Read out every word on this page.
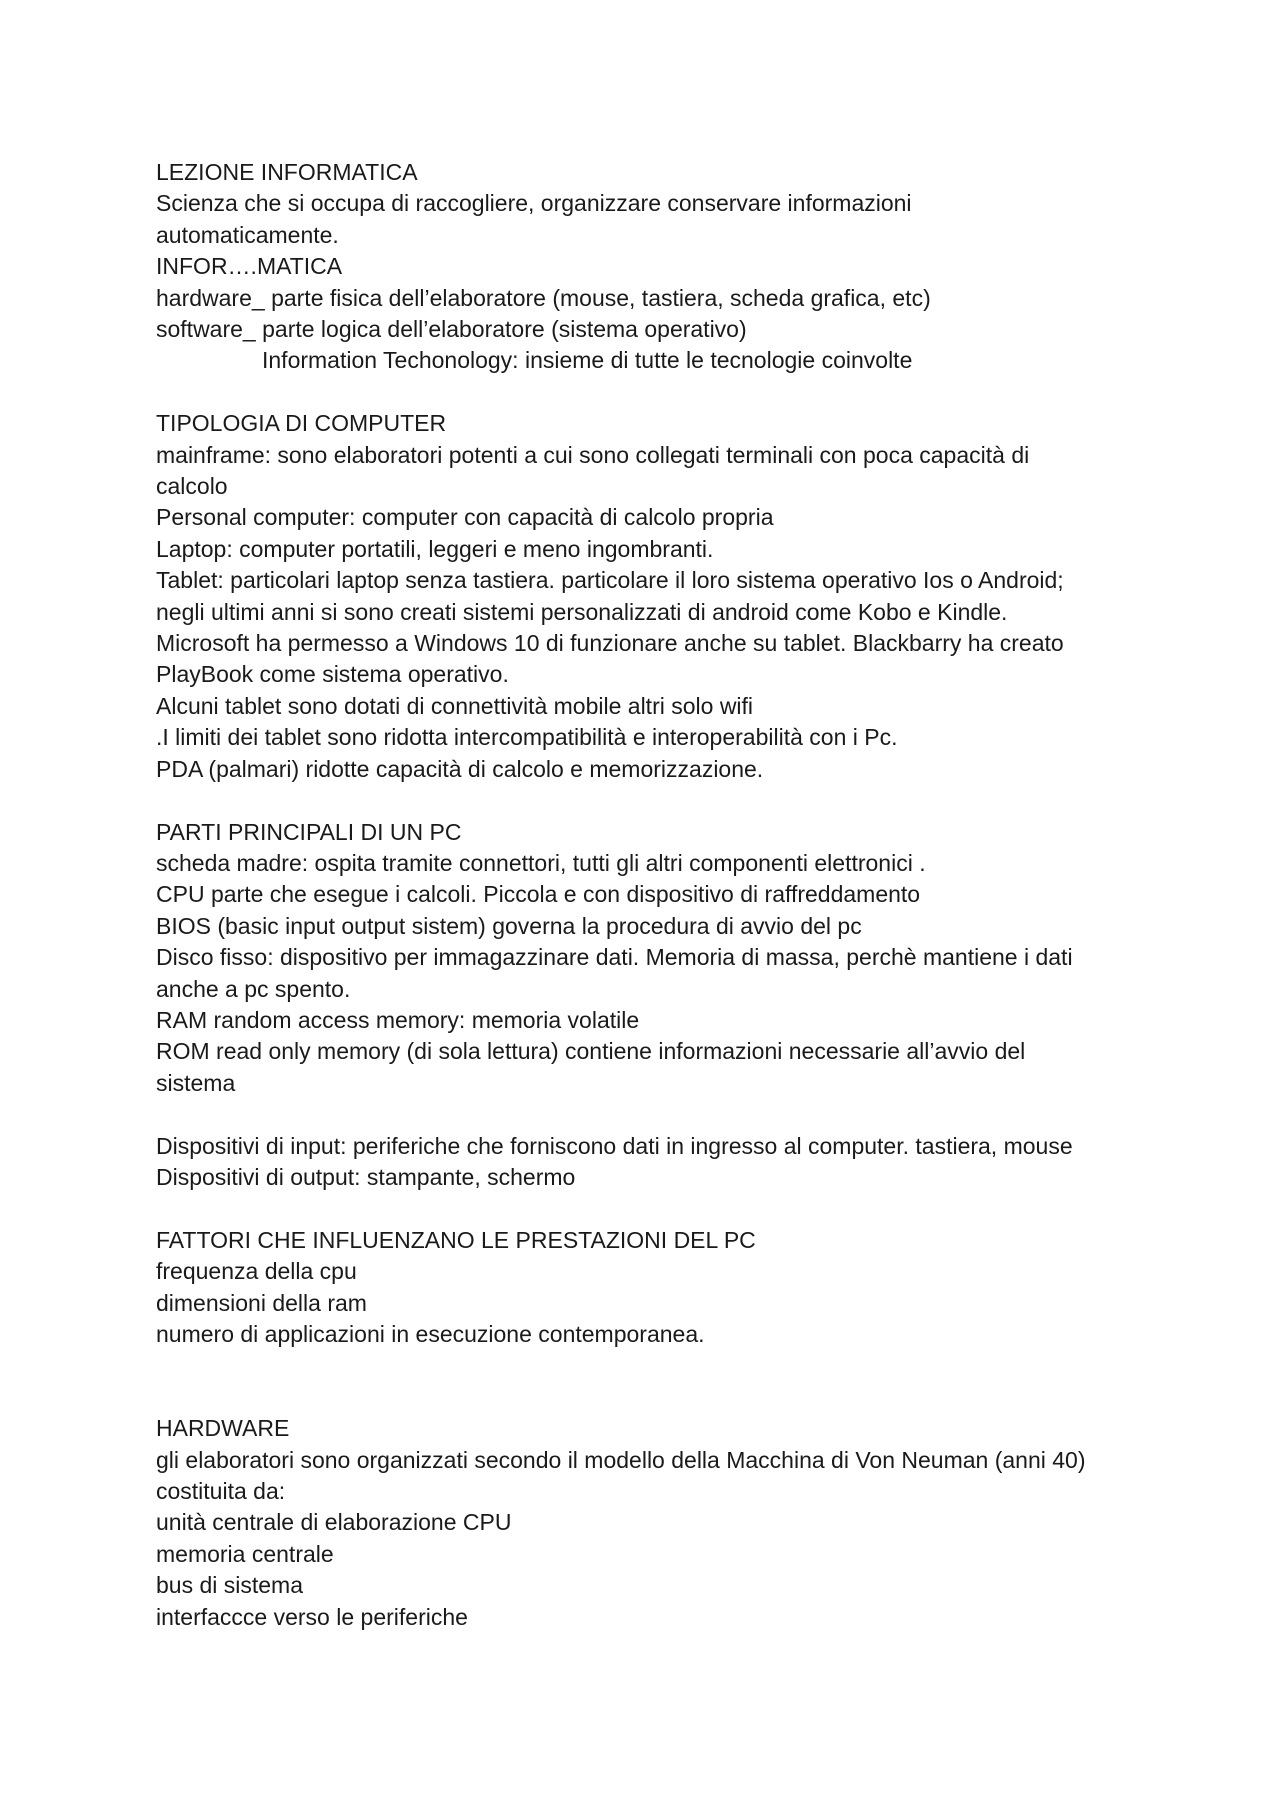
LEZIONE INFORMATICA
Scienza che si occupa di raccogliere, organizzare conservare informazioni
automaticamente.
INFOR….MATICA
hardware_ parte fisica dell’elaboratore (mouse, tastiera, scheda grafica, etc)
software_ parte logica dell’elaboratore (sistema operativo)
Information Techonology: insieme di tutte le tecnologie coinvolte
TIPOLOGIA DI COMPUTER
mainframe: sono elaboratori potenti a cui sono collegati terminali con poca capacità di
calcolo
Personal computer: computer con capacità di calcolo propria
Laptop: computer portatili, leggeri e meno ingombranti.
Tablet: particolari laptop senza tastiera. particolare il loro sistema operativo Ios o Android;
negli ultimi anni si sono creati sistemi personalizzati di android come Kobo e Kindle.
Microsoft ha permesso a Windows 10 di funzionare anche su tablet. Blackbarry ha creato
PlayBook come sistema operativo.
Alcuni tablet sono dotati di connettività mobile altri solo wifi
.I limiti dei tablet sono ridotta intercompatibilità e interoperabilità con i Pc.
PDA (palmari) ridotte capacità di calcolo e memorizzazione.
PARTI PRINCIPALI DI UN PC
scheda madre: ospita tramite connettori, tutti gli altri componenti elettronici .
CPU parte che esegue i calcoli. Piccola e con dispositivo di raffreddamento
BIOS (basic input output sistem) governa la procedura di avvio del pc
Disco fisso: dispositivo per immagazzinare dati. Memoria di massa, perchè mantiene i dati
anche a pc spento.
RAM random access memory: memoria volatile
ROM read only memory (di sola lettura) contiene informazioni necessarie all’avvio del
sistema
Dispositivi di input: periferiche che forniscono dati in ingresso al computer. tastiera, mouse
Dispositivi di output: stampante, schermo
FATTORI CHE INFLUENZANO LE PRESTAZIONI DEL PC
frequenza della cpu
dimensioni della ram
numero di applicazioni in esecuzione contemporanea.
HARDWARE
gli elaboratori sono organizzati secondo il modello della Macchina di Von Neuman (anni 40)
costituita da:
unità centrale di elaborazione CPU
memoria centrale
bus di sistema
interfaccce verso le periferiche
